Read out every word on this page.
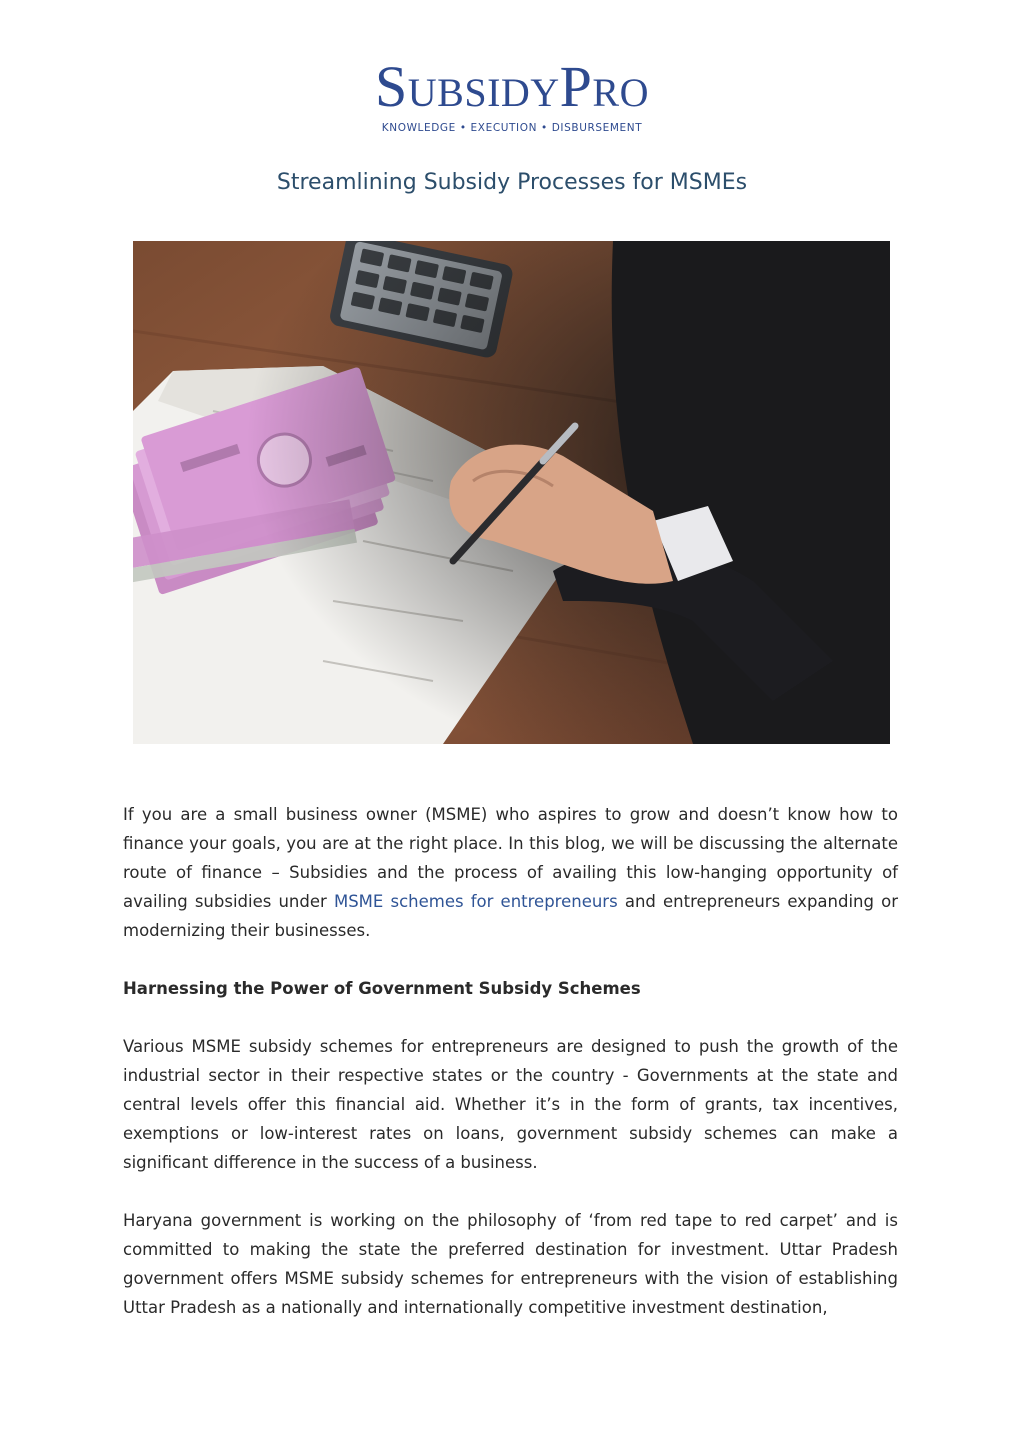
SUBSIDYPRO
KNOWLEDGE • EXECUTION • DISBURSEMENT
Streamlining Subsidy Processes for MSMEs

If you are a small business owner (MSME) who aspires to grow and doesn’t know how to finance your goals, you are at the right place. In this blog, we will be discussing the alternate route of finance – Subsidies and the process of availing this low-hanging opportunity of availing subsidies under MSME schemes for entrepreneurs and entrepreneurs expanding or modernizing their businesses.

Harnessing the Power of Government Subsidy Schemes

Various MSME subsidy schemes for entrepreneurs are designed to push the growth of the industrial sector in their respective states or the country - Governments at the state and central levels offer this financial aid. Whether it’s in the form of grants, tax incentives, exemptions or low-interest rates on loans, government subsidy schemes can make a significant difference in the success of a business.

Haryana government is working on the philosophy of ‘from red tape to red carpet’ and is committed to making the state the preferred destination for investment. Uttar Pradesh government offers MSME subsidy schemes for entrepreneurs with the vision of establishing Uttar Pradesh as a nationally and internationally competitive investment destination,
